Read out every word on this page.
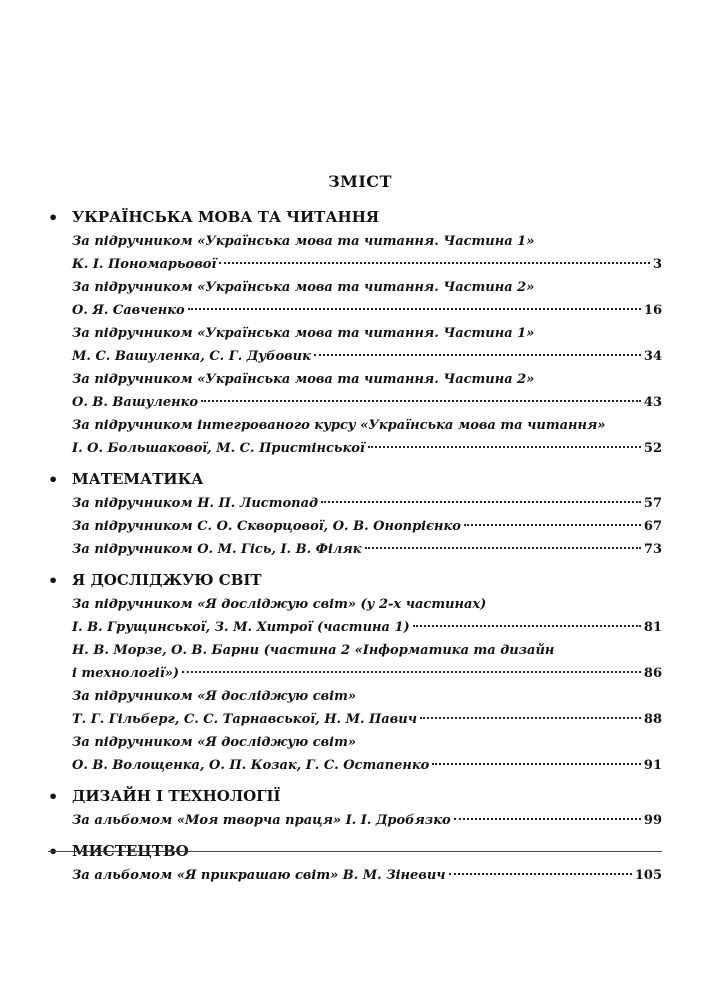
ЗМІСТ
• УКРАЇНСЬКА МОВА ТА ЧИТАННЯ
За підручником «Українська мова та читання. Частина 1»
К. І. Пономарьової	3
За підручником «Українська мова та читання. Частина 2»
О. Я. Савченко	16
За підручником «Українська мова та читання. Частина 1»
М. С. Вашуленка, С. Г. Дубовик	34
За підручником «Українська мова та читання. Частина 2»
О. В. Вашуленко	43
За підручником інтегрованого курсу «Українська мова та читання»
І. О. Большакової, М. С. Пристінської	52
• МАТЕМАТИКА
За підручником Н. П. Листопад	57
За підручником С. О. Скворцової, О. В. Онопрієнко	67
За підручником О. М. Гісь, І. В. Філяк	73
• Я ДОСЛІДЖУЮ СВІТ
За підручником «Я досліджую світ» (у 2-х частинах)
І. В. Грущинської, З. М. Хитрої (частина 1)	81
Н. В. Морзе, О. В. Барни (частина 2 «Інформатика та дизайн
і технології»)	86
За підручником «Я досліджую світ»
Т. Г. Гільберг, С. С. Тарнавської, Н. М. Павич	88
За підручником «Я досліджую світ»
О. В. Волощенка, О. П. Козак, Г. С. Остапенко	91
• ДИЗАЙН І ТЕХНОЛОГІЇ
За альбомом «Моя творча праця» І. І. Дробязко	99
• МИСТЕЦТВО
За альбомом «Я прикрашаю світ» В. М. Зіневич	105
